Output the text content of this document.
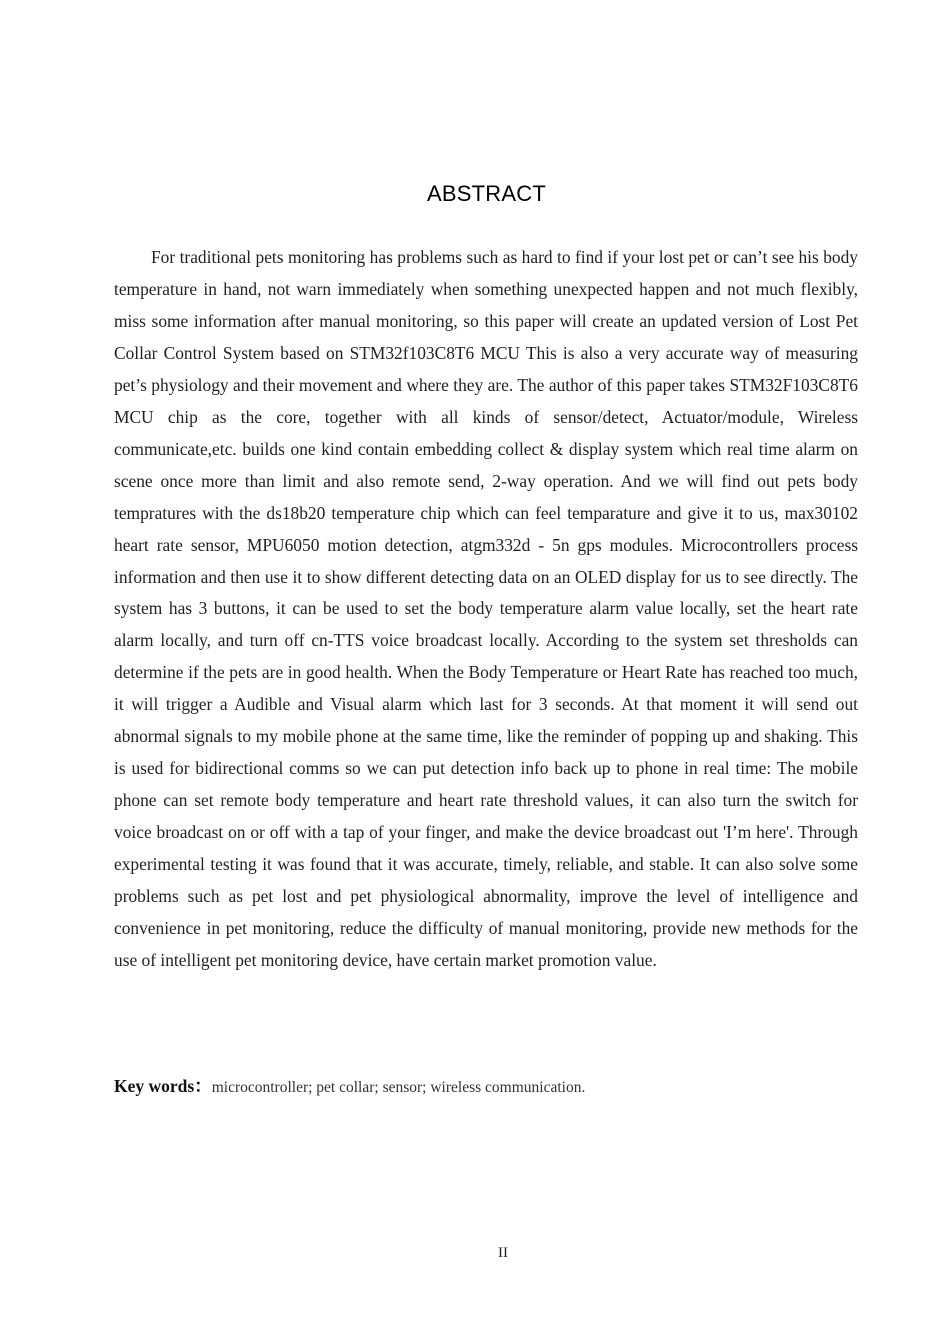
ABSTRACT

For traditional pets monitoring has problems such as hard to find if your lost pet or can’t see his body temperature in hand, not warn immediately when something unexpected happen and not much flexibly, miss some information after manual monitoring, so this paper will create an updated version of Lost Pet Collar Control System based on STM32f103C8T6 MCU This is also a very accurate way of measuring pet’s physiology and their movement and where they are. The author of this paper takes STM32F103C8T6 MCU chip as the core, together with all kinds of sensor/detect, Actuator/module, Wireless communicate,etc. builds one kind contain embedding collect & display system which real time alarm on scene once more than limit and also remote send, 2-way operation. And we will find out pets body tempratures with the ds18b20 temperature chip which can feel temparature and give it to us, max30102 heart rate sensor, MPU6050 motion detection, atgm332d - 5n gps modules. Microcontrollers process information and then use it to show different detecting data on an OLED display for us to see directly. The system has 3 buttons, it can be used to set the body temperature alarm value locally, set the heart rate alarm locally, and turn off cn-TTS voice broadcast locally. According to the system set thresholds can determine if the pets are in good health. When the Body Temperature or Heart Rate has reached too much, it will trigger a Audible and Visual alarm which last for 3 seconds. At that moment it will send out abnormal signals to my mobile phone at the same time, like the reminder of popping up and shaking. This is used for bidirectional comms so we can put detection info back up to phone in real time: The mobile phone can set remote body temperature and heart rate threshold values, it can also turn the switch for voice broadcast on or off with a tap of your finger, and make the device broadcast out 'I’m here'. Through experimental testing it was found that it was accurate, timely, reliable, and stable. It can also solve some problems such as pet lost and pet physiological abnormality, improve the level of intelligence and convenience in pet monitoring, reduce the difficulty of manual monitoring, provide new methods for the use of intelligent pet monitoring device, have certain market promotion value.

Key words：microcontroller; pet collar; sensor; wireless communication.
II
